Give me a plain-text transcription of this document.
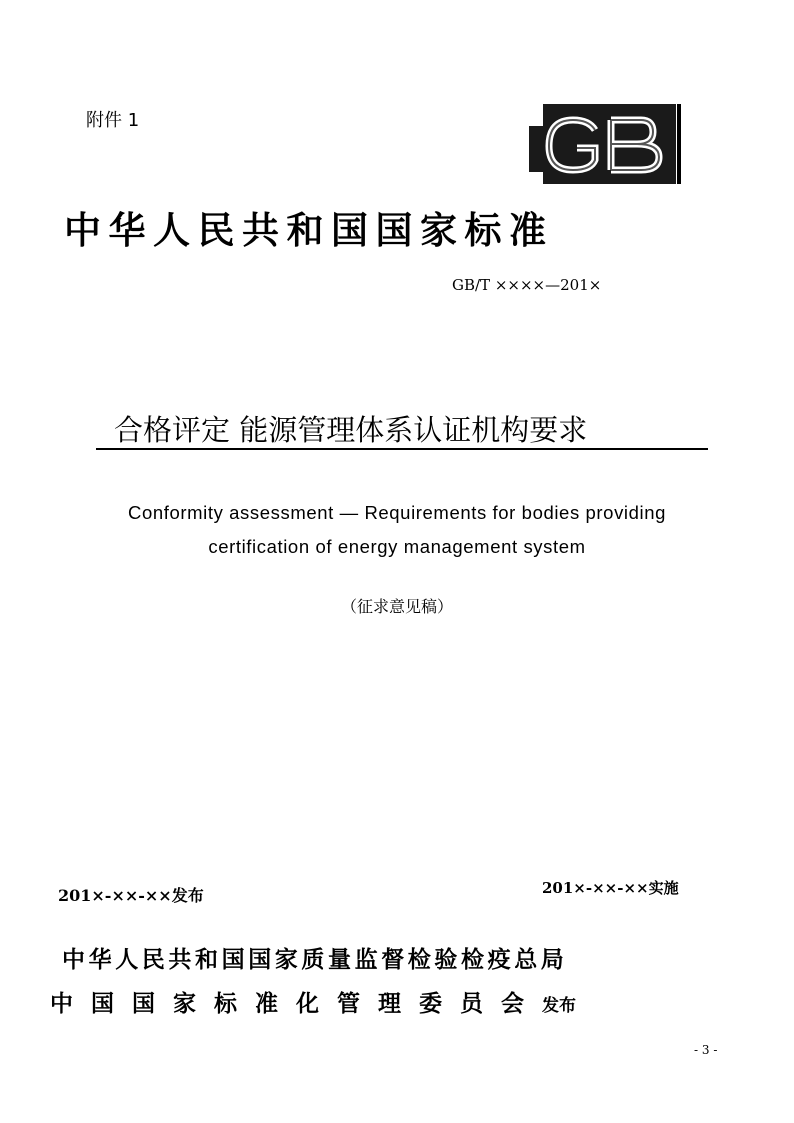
附件 1
中华人民共和国国家标准
GB/T ××××—201×
合格评定 能源管理体系认证机构要求
Conformity assessment — Requirements for bodies providing
certification of energy management system
（征求意见稿）
201×-××-××发布	201×-××-××实施
中华人民共和国国家质量监督检验检疫总局
中国国家标准化管理委员会发布
- 3 -
